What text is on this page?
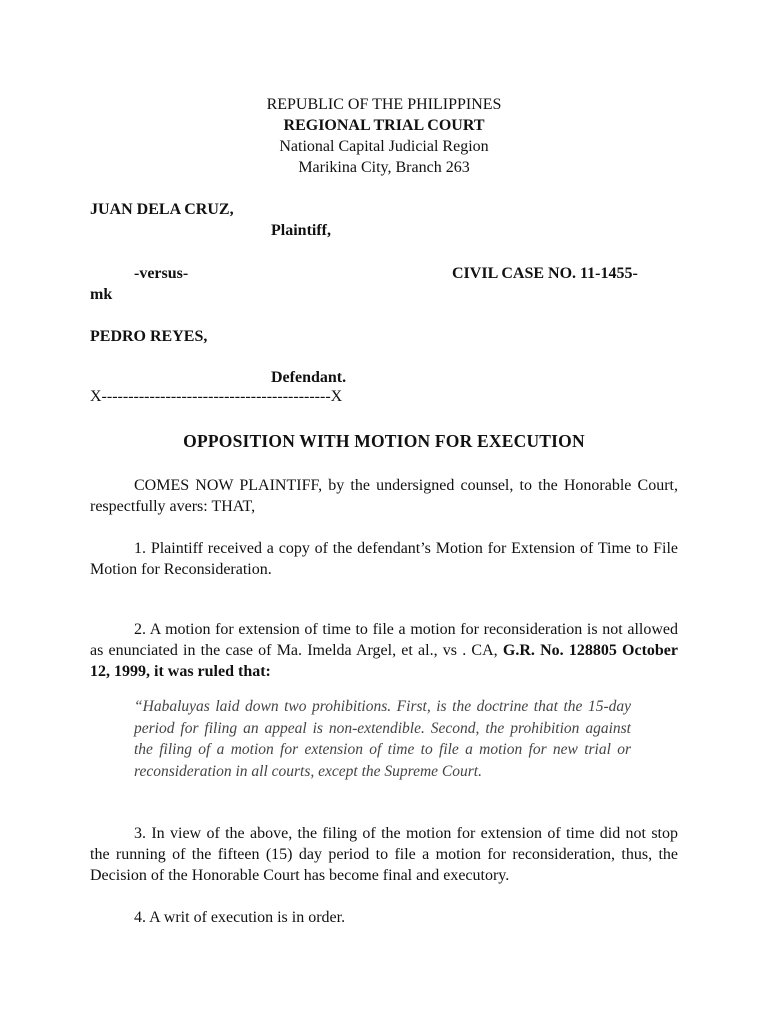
REPUBLIC OF THE PHILIPPINES
REGIONAL TRIAL COURT
National Capital Judicial Region
Marikina City, Branch 263
JUAN DELA CRUZ,
Plaintiff,
-versus-	CIVIL CASE NO. 11-1455-
mk
PEDRO REYES,
Defendant.
X-------------------------------------------X
OPPOSITION WITH MOTION FOR EXECUTION
COMES NOW PLAINTIFF, by the undersigned counsel, to the Honorable Court, respectfully avers: THAT,
1. Plaintiff received a copy of the defendant’s Motion for Extension of Time to File Motion for Reconsideration.
2. A motion for extension of time to file a motion for reconsideration is not allowed as enunciated in the case of Ma. Imelda Argel, et al., vs . CA, G.R. No. 128805 October 12, 1999, it was ruled that:
“Habaluyas laid down two prohibitions. First, is the doctrine that the 15-day period for filing an appeal is non-extendible. Second, the prohibition against the filing of a motion for extension of time to file a motion for new trial or reconsideration in all courts, except the Supreme Court.
3. In view of the above, the filing of the motion for extension of time did not stop the running of the fifteen (15) day period to file a motion for reconsideration, thus, the Decision of the Honorable Court has become final and executory.
4. A writ of execution is in order.
